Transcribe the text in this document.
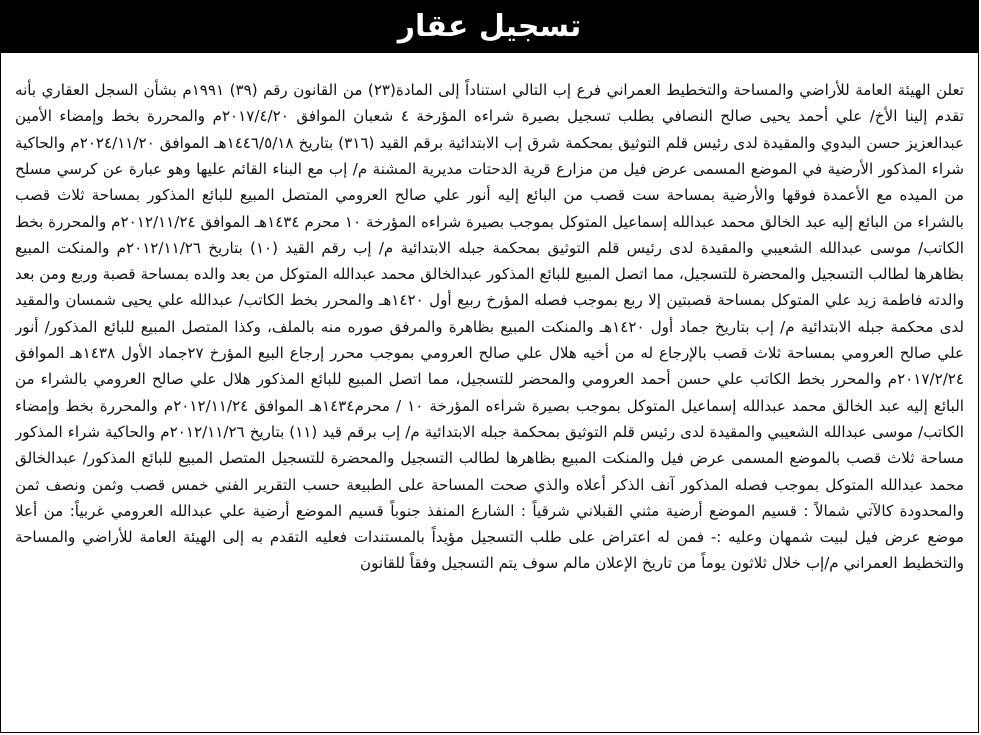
تسجيل عقار

تعلن الهيئة العامة للأراضي والمساحة والتخطيط العمراني فرع إب التالي استناداً إلى المادة(٢٣) من القانون رقم (٣٩) ١٩٩١م بشأن السجل العقاري بأنه تقدم إلينا الأخ/ علي أحمد يحيى صالح النصافي بطلب تسجيل بصيرة شراءه المؤرخة ٤ شعبان الموافق ٢٠١٧/٤/٢٠م والمحررة بخط وإمضاء الأمين عبدالعزيز حسن البدوي والمقيدة لدى رئيس قلم التوثيق بمحكمة شرق إب الابتدائية برقم القيد (٣١٦) بتاريخ ١٤٤٦/٥/١٨هـ الموافق ٢٠٢٤/١١/٢٠م والحاكية شراء المذكور الأرضية في الموضع المسمى عرض فيل من مزارع قرية الدحتات مديرية المشنة م/ إب مع البناء القائم عليها وهو عبارة عن كرسي مسلح من الميده مع الأعمدة فوقها والأرضية بمساحة ست قصب من البائع إليه أنور علي صالح العرومي المتصل المبيع للبائع المذكور بمساحة ثلاث قصب بالشراء من البائع إليه عبد الخالق محمد عبدالله إسماعيل المتوكل بموجب بصيرة شراءه المؤرخة ١٠ محرم ١٤٣٤هـ الموافق ٢٠١٢/١١/٢٤م والمحررة بخط الكاتب/ موسى عبدالله الشعيبي والمقيدة لدى رئيس قلم التوثيق بمحكمة جبله الابتدائية م/ إب رقم القيد (١٠) بتاريخ ٢٠١٢/١١/٢٦م والمنكت المبيع بظاهرها لطالب التسجيل والمحضرة للتسجيل، مما اتصل المبيع للبائع المذكور عبدالخالق محمد عبدالله المتوكل من بعد والده بمساحة قصبة وربع ومن بعد والدته فاطمة زيد علي المتوكل بمساحة قصبتين إلا ربع بموجب فصله المؤرخ ربيع أول ١٤٢٠هـ والمحرر بخط الكاتب/ عبدالله علي يحيى شمسان والمقيد لدى محكمة جبله الابتدائية م/ إب بتاريخ جماد أول ١٤٢٠هـ والمنكت المبيع بظاهرة والمرفق صوره منه بالملف، وكذا المتصل المبيع للبائع المذكور/ أنور علي صالح العرومي بمساحة ثلاث قصب بالإرجاع له من أخيه هلال علي صالح العرومي بموجب محرر إرجاع البيع المؤرخ ٢٧جماد الأول ١٤٣٨هـ الموافق ٢٠١٧/٢/٢٤م والمحرر بخط الكاتب علي حسن أحمد العرومي والمحضر للتسجيل، مما اتصل المبيع للبائع المذكور هلال علي صالح العرومي بالشراء من البائع إليه عبد الخالق محمد عبدالله إسماعيل المتوكل بموجب بصيرة شراءه المؤرخة ١٠ / محرم١٤٣٤هـ الموافق ٢٠١٢/١١/٢٤م والمحررة بخط وإمضاء الكاتب/ موسى عبدالله الشعيبي والمقيدة لدى رئيس قلم التوثيق بمحكمة جبله الابتدائية م/ إب برقم قيد (١١) بتاريخ ٢٠١٢/١١/٢٦م والحاكية شراء المذكور مساحة ثلاث قصب بالموضع المسمى عرض فيل والمنكت المبيع بظاهرها لطالب التسجيل والمحضرة للتسجيل المتصل المبيع للبائع المذكور/ عبدالخالق محمد عبدالله المتوكل بموجب فصله المذكور آنف الذكر أعلاه والذي صحت المساحة على الطبيعة حسب التقرير الفني خمس قصب وثمن ونصف ثمن والمحدودة كالآتي شمالاً : قسيم الموضع أرضية مثني القبلاني شرقياً : الشارع المنفذ جنوباً قسيم الموضع أرضية علي عبدالله العرومي غربياً: من أعلا موضع عرض فيل لبيت شمهان وعليه :- فمن له اعتراض على طلب التسجيل مؤيداً بالمستندات فعليه التقدم به إلى الهيئة العامة للأراضي والمساحة والتخطيط العمراني م/إب خلال ثلاثون يوماً من تاريخ الإعلان مالم سوف يتم التسجيل وفقاً للقانون
